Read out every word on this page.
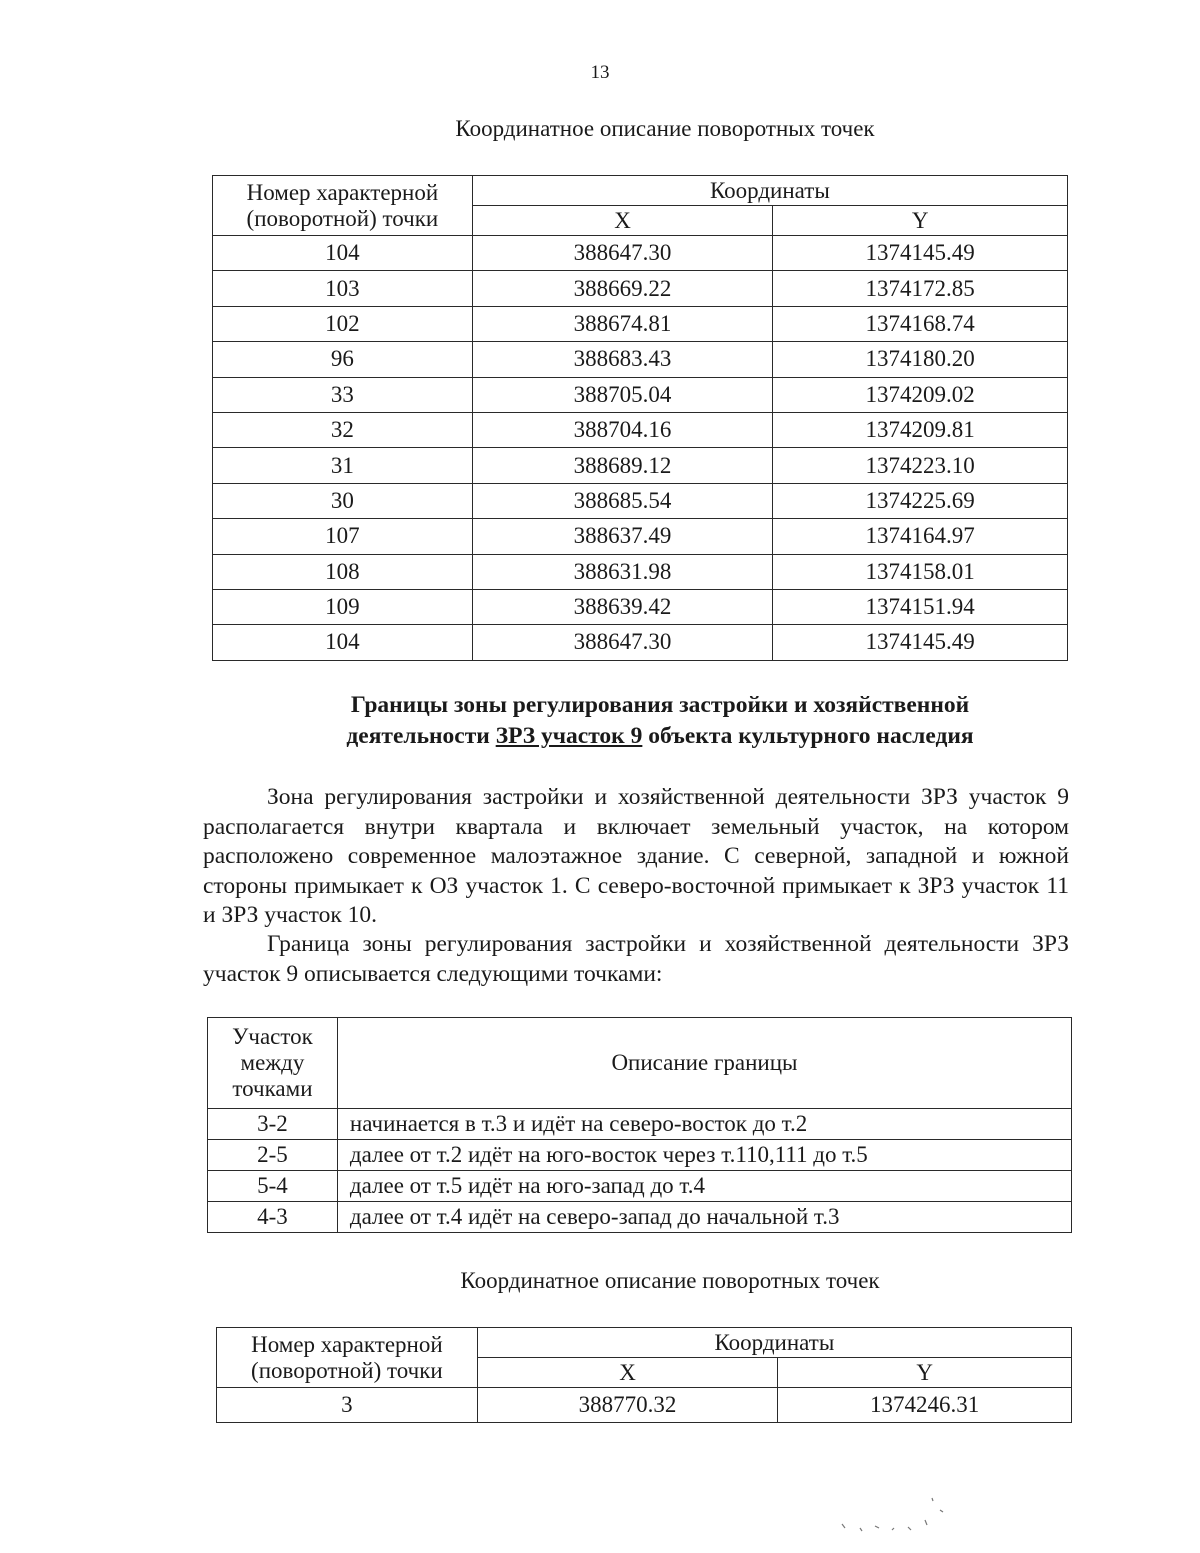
13
Координатное описание поворотных точек
Номер характерной
(поворотной) точки	Координаты	
	X	Y
104	388647.30	1374145.49
103	388669.22	1374172.85
102	388674.81	1374168.74
96	388683.43	1374180.20
33	388705.04	1374209.02
32	388704.16	1374209.81
31	388689.12	1374223.10
30	388685.54	1374225.69
107	388637.49	1374164.97
108	388631.98	1374158.01
109	388639.42	1374151.94
104	388647.30	1374145.49
Границы зоны регулирования застройки и хозяйственной
деятельности ЗРЗ участок 9 объекта культурного наследия
Зона регулирования застройки и хозяйственной деятельности ЗРЗ участок 9 располагается внутри квартала и включает земельный участок, на котором расположено современное малоэтажное здание. С северной, западной и южной стороны примыкает к ОЗ участок 1. С северо-восточной примыкает к ЗРЗ участок 11 и ЗРЗ участок 10.
Граница зоны регулирования застройки и хозяйственной деятельности ЗРЗ участок 9 описывается следующими точками:
Участок
между
точками	Описание границы
3-2	начинается в т.3 и идёт на северо-восток до т.2
2-5	далее от т.2 идёт на юго-восток через т.110,111 до т.5
5-4	далее от т.5 идёт на юго-запад до т.4
4-3	далее от т.4 идёт на северо-запад до начальной т.3
Координатное описание поворотных точек
Номер характерной
(поворотной) точки	Координаты	
	X	Y
3	388770.32	1374246.31
